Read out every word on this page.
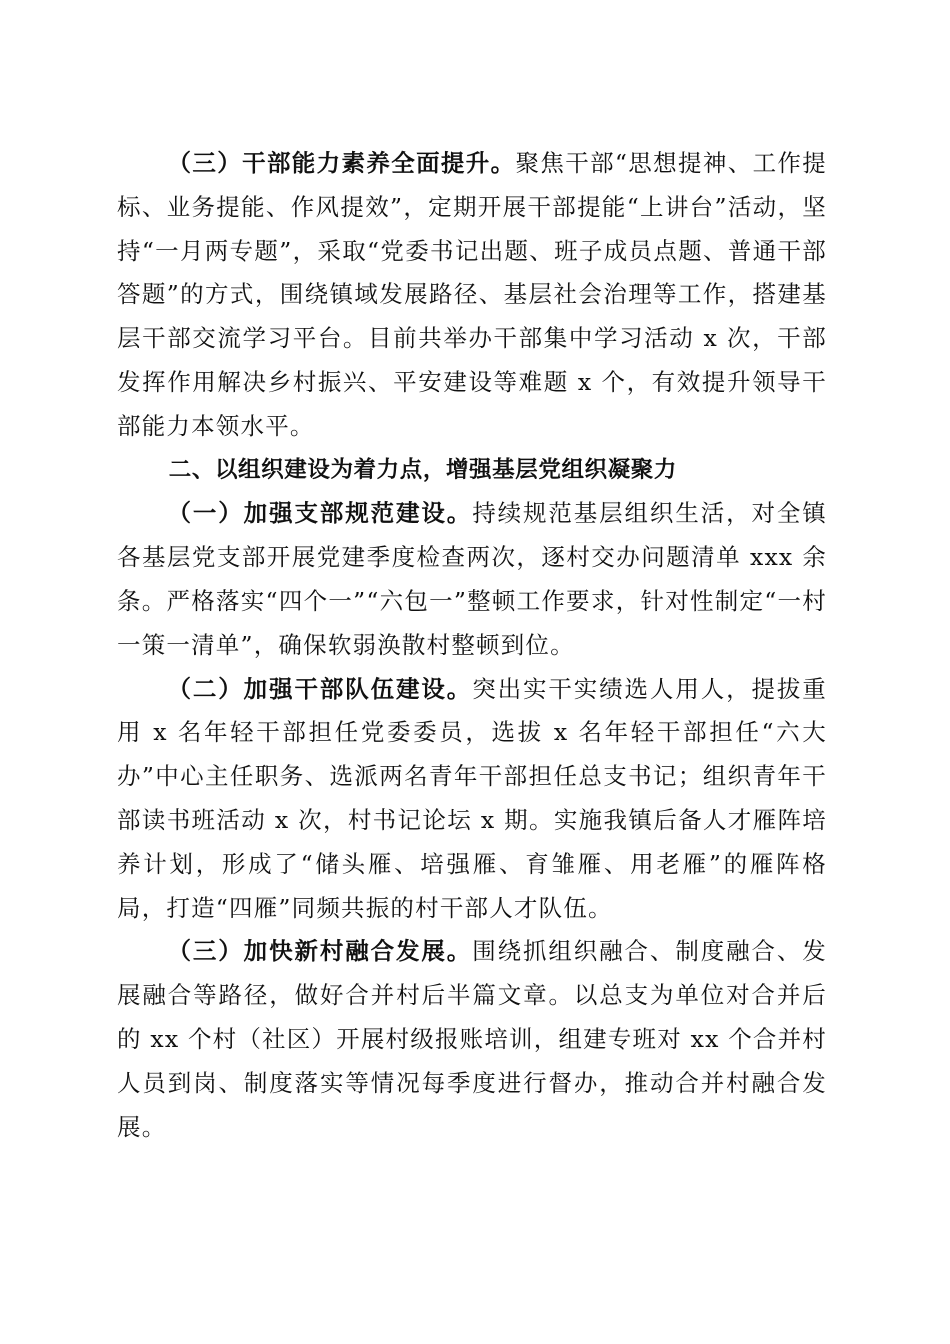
（三）干部能力素养全面提升。聚焦干部“思想提神、工作提标、业务提能、作风提效”，定期开展干部提能“上讲台”活动，坚持“一月两专题”，采取“党委书记出题、班子成员点题、普通干部答题”的方式，围绕镇域发展路径、基层社会治理等工作，搭建基层干部交流学习平台。目前共举办干部集中学习活动 x 次，干部发挥作用解决乡村振兴、平安建设等难题 x 个，有效提升领导干部能力本领水平。

二、以组织建设为着力点，增强基层党组织凝聚力

（一）加强支部规范建设。持续规范基层组织生活，对全镇各基层党支部开展党建季度检查两次，逐村交办问题清单 xxx 余条。严格落实“四个一”“六包一”整顿工作要求，针对性制定“一村一策一清单”，确保软弱涣散村整顿到位。

（二）加强干部队伍建设。突出实干实绩选人用人，提拔重用 x 名年轻干部担任党委委员，选拔 x 名年轻干部担任“六大办”中心主任职务、选派两名青年干部担任总支书记；组织青年干部读书班活动 x 次，村书记论坛 x 期。实施我镇后备人才雁阵培养计划，形成了“储头雁、培强雁、育雏雁、用老雁”的雁阵格局，打造“四雁”同频共振的村干部人才队伍。

（三）加快新村融合发展。围绕抓组织融合、制度融合、发展融合等路径，做好合并村后半篇文章。以总支为单位对合并后的 xx 个村（社区）开展村级报账培训，组建专班对 xx 个合并村人员到岗、制度落实等情况每季度进行督办，推动合并村融合发展。
